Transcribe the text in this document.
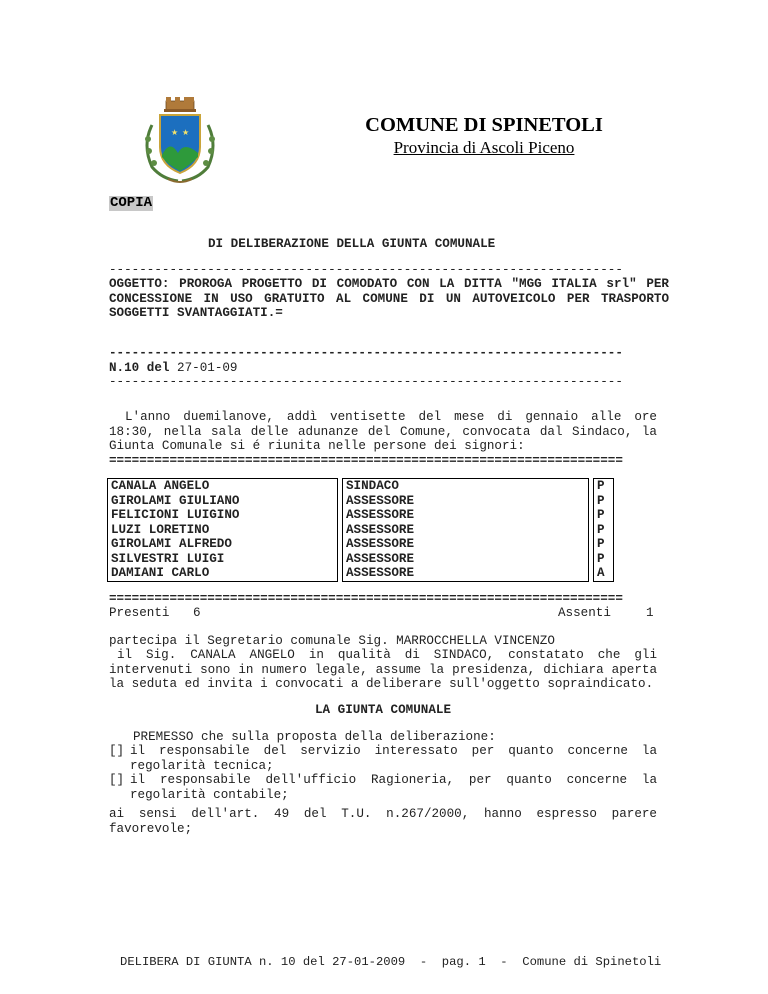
★ ★	COMUNE DI SPINETOLI
Provincia di Ascoli Piceno
COPIA
DI DELIBERAZIONE DELLA GIUNTA COMUNALE
--------------------------------------------------------------------
OGGETTO: PROROGA PROGETTO DI COMODATO CON LA DITTA "MGG ITALIA srl" PER CONCESSIONE IN USO GRATUITO AL COMUNE DI UN AUTOVEICOLO PER TRASPORTO SOGGETTI SVANTAGGIATI.=
--------------------------------------------------------------------
N.10 del 27-01-09
--------------------------------------------------------------------
L'anno duemilanove, addì ventisette del mese di gennaio alle ore 18:30, nella sala delle adunanze del Comune, convocata dal Sindaco, la Giunta Comunale si é riunita nelle persone dei signori:
====================================================================
CANALA ANGELO		SINDACO		P
GIROLAMI GIULIANO		ASSESSORE		P
FELICIONI LUIGINO		ASSESSORE		P
LUZI LORETINO		ASSESSORE		P
GIROLAMI ALFREDO		ASSESSORE		P
SILVESTRI LUIGI		ASSESSORE		P
DAMIANI CARLO		ASSESSORE		A
====================================================================
Presenti 6	Assenti	1
partecipa il Segretario comunale Sig. MARROCCHELLA VINCENZO
il Sig. CANALA ANGELO in qualità di SINDACO, constatato che gli intervenuti sono in numero legale, assume la presidenza, dichiara aperta la seduta ed invita i convocati a deliberare sull'oggetto sopraindicato.
LA GIUNTA COMUNALE
PREMESSO che sulla proposta della deliberazione:
[] il responsabile del servizio interessato per quanto concerne la regolarità tecnica;
[] il responsabile dell'ufficio Ragioneria, per quanto concerne la regolarità contabile;
ai sensi dell'art. 49 del T.U. n.267/2000, hanno espresso parere favorevole;
DELIBERA DI GIUNTA n. 10 del 27-01-2009  -  pag. 1  -  Comune di Spinetoli
